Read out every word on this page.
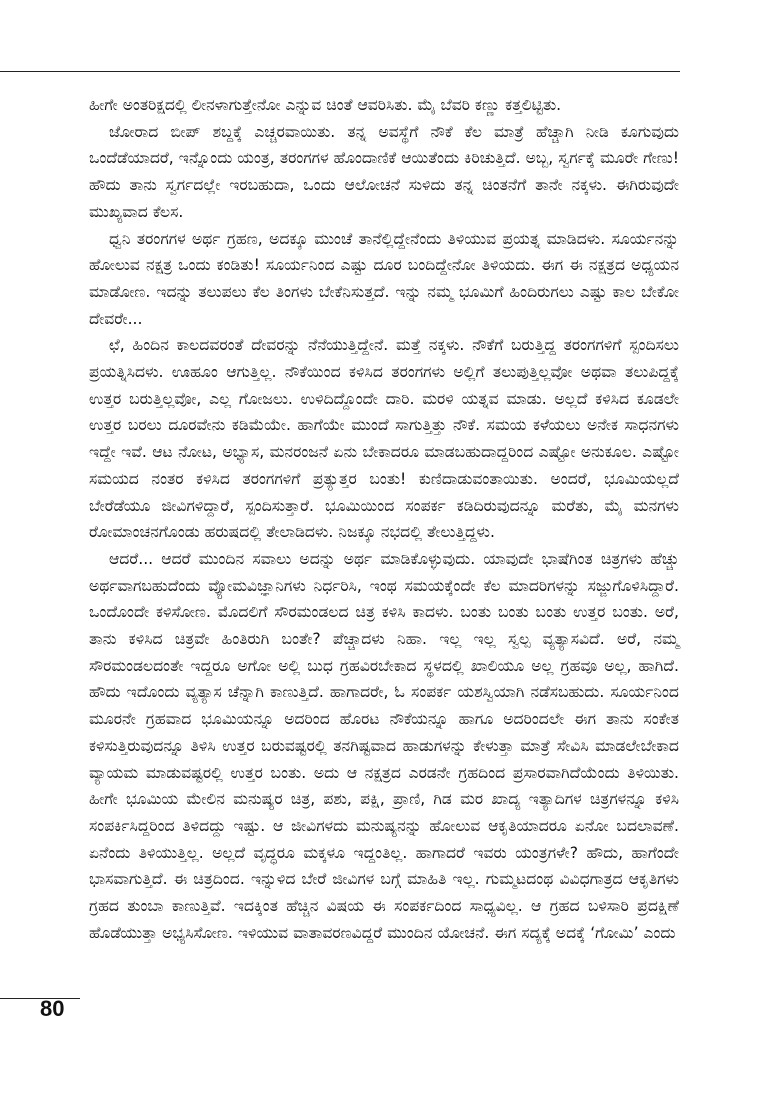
ಹೀಗೇ ಅಂತರಿಕ್ಷದಲ್ಲಿ ಲೀನಳಾಗುತ್ತೇನೋ ಎನ್ನುವ ಚಿಂತೆ ಆವರಿಸಿತು. ಮೈ ಬೆವರಿ ಕಣ್ಣು ಕತ್ತಲಿಟ್ಟಿತು.

ಜೋರಾದ ಬೀಪ್ ಶಬ್ದಕ್ಕೆ ಎಚ್ಚರವಾಯಿತು. ತನ್ನ ಅವಸ್ಥೆಗೆ ನೌಕೆ ಕೆಲ ಮಾತ್ರೆ ಹೆಚ್ಚಾಗಿ ನೀಡಿ ಕೂಗುವುದು ಒಂದೆಡೆಯಾದರೆ, ಇನ್ನೊಂದು ಯಂತ್ರ, ತರಂಗಗಳ ಹೊಂದಾಣಿಕೆ ಆಯಿತೆಂದು ಕಿರಿಚುತ್ತಿದೆ. ಅಬ್ಬ, ಸ್ವರ್ಗಕ್ಕೆ ಮೂರೇ ಗೇಣು! ಹೌದು ತಾನು ಸ್ವರ್ಗದಲ್ಲೇ ಇರಬಹುದಾ, ಒಂದು ಆಲೋಚನೆ ಸುಳಿದು ತನ್ನ ಚಿಂತನೆಗೆ ತಾನೇ ನಕ್ಕಳು. ಈಗಿರುವುದೇ ಮುಖ್ಯವಾದ ಕೆಲಸ.

ಧ್ವನಿ ತರಂಗಗಳ ಅರ್ಥ ಗ್ರಹಣ, ಅದಕ್ಕೂ ಮುಂಚೆ ತಾನೆಲ್ಲಿದ್ದೇನೆಂದು ತಿಳಿಯುವ ಪ್ರಯತ್ನ ಮಾಡಿದಳು. ಸೂರ್ಯನನ್ನು ಹೋಲುವ ನಕ್ಷತ್ರ ಒಂದು ಕಂಡಿತು! ಸೂರ್ಯನಿಂದ ಎಷ್ಟು ದೂರ ಬಂದಿದ್ದೇನೋ ತಿಳಿಯದು. ಈಗ ಈ ನಕ್ಷತ್ರದ ಅಧ್ಯಯನ ಮಾಡೋಣ. ಇದನ್ನು ತಲುಪಲು ಕೆಲ ತಿಂಗಳು ಬೇಕೆನಿಸುತ್ತದೆ. ಇನ್ನು ನಮ್ಮ ಭೂಮಿಗೆ ಹಿಂದಿರುಗಲು ಎಷ್ಟು ಕಾಲ ಬೇಕೋ ದೇವರೇ...

ಛೆ, ಹಿಂದಿನ ಕಾಲದವರಂತೆ ದೇವರನ್ನು ನೆನೆಯುತ್ತಿದ್ದೇನೆ. ಮತ್ತೆ ನಕ್ಕಳು. ನೌಕೆಗೆ ಬರುತ್ತಿದ್ದ ತರಂಗಗಳಿಗೆ ಸ್ಪಂದಿಸಲು ಪ್ರಯತ್ನಿಸಿದಳು. ಊಹೂಂ ಆಗುತ್ತಿಲ್ಲ. ನೌಕೆಯಿಂದ ಕಳಿಸಿದ ತರಂಗಗಳು ಅಲ್ಲಿಗೆ ತಲುಪುತ್ತಿಲ್ಲವೋ ಅಥವಾ ತಲುಪಿದ್ದಕ್ಕೆ ಉತ್ತರ ಬರುತ್ತಿಲ್ಲವೋ, ಎಲ್ಲ ಗೋಜಲು. ಉಳಿದಿದ್ದೊಂದೇ ದಾರಿ. ಮರಳಿ ಯತ್ನವ ಮಾಡು. ಅಲ್ಲದೆ ಕಳಿಸಿದ ಕೂಡಲೇ ಉತ್ತರ ಬರಲು ದೂರವೇನು ಕಡಿಮೆಯೇ. ಹಾಗೆಯೇ ಮುಂದೆ ಸಾಗುತ್ತಿತ್ತು ನೌಕೆ. ಸಮಯ ಕಳೆಯಲು ಅನೇಕ ಸಾಧನಗಳು ಇದ್ದೇ ಇವೆ. ಆಟ ನೋಟ, ಅಭ್ಯಾಸ, ಮನರಂಜನೆ ಏನು ಬೇಕಾದರೂ ಮಾಡಬಹುದಾದ್ದರಿಂದ ಎಷ್ಟೋ ಅನುಕೂಲ. ಎಷ್ಟೋ ಸಮಯದ ನಂತರ ಕಳಿಸಿದ ತರಂಗಗಳಿಗೆ ಪ್ರತ್ಯುತ್ತರ ಬಂತು! ಕುಣಿದಾಡುವಂತಾಯಿತು. ಅಂದರೆ, ಭೂಮಿಯಲ್ಲದೆ ಬೇರೆಡೆಯೂ ಜೀವಿಗಳಿದ್ದಾರೆ, ಸ್ಪಂದಿಸುತ್ತಾರೆ. ಭೂಮಿಯಿಂದ ಸಂಪರ್ಕ ಕಡಿದಿರುವುದನ್ನೂ ಮರೆತು, ಮೈ ಮನಗಳು ರೋಮಾಂಚನಗೊಂಡು ಹರುಷದಲ್ಲಿ ತೇಲಾಡಿದಳು. ನಿಜಕ್ಕೂ ನಭದಲ್ಲಿ ತೇಲುತ್ತಿದ್ದಳು.

ಆದರೆ... ಆದರೆ ಮುಂದಿನ ಸವಾಲು ಅದನ್ನು ಅರ್ಥ ಮಾಡಿಕೊಳ್ಳುವುದು. ಯಾವುದೇ ಭಾಷೆಗಿಂತ ಚಿತ್ರಗಳು ಹೆಚ್ಚು ಅರ್ಥವಾಗಬಹುದೆಂದು ವ್ಯೋಮವಿಜ್ಞಾನಿಗಳು ನಿರ್ಧರಿಸಿ, ಇಂಥ ಸಮಯಕ್ಕೆಂದೇ ಕೆಲ ಮಾದರಿಗಳನ್ನು ಸಜ್ಜುಗೊಳಿಸಿದ್ದಾರೆ. ಒಂದೊಂದೇ ಕಳಿಸೋಣ. ಮೊದಲಿಗೆ ಸೌರಮಂಡಲದ ಚಿತ್ರ ಕಳಿಸಿ ಕಾದಳು. ಬಂತು ಬಂತು ಬಂತು ಉತ್ತರ ಬಂತು. ಅರೆ, ತಾನು ಕಳಿಸಿದ ಚಿತ್ರವೇ ಹಿಂತಿರುಗಿ ಬಂತೇ? ಪೆಚ್ಚಾದಳು ನಿಹಾ. ಇಲ್ಲ ಇಲ್ಲ ಸ್ವಲ್ಪ ವ್ಯತ್ಯಾಸವಿದೆ. ಅರೆ, ನಮ್ಮ ಸೌರಮಂಡಲದಂತೇ ಇದ್ದರೂ ಅಗೋ ಅಲ್ಲಿ ಬುಧ ಗ್ರಹವಿರಬೇಕಾದ ಸ್ಥಳದಲ್ಲಿ ಖಾಲಿಯೂ ಅಲ್ಲ ಗ್ರಹವೂ ಅಲ್ಲ, ಹಾಗಿದೆ. ಹೌದು ಇದೊಂದು ವ್ಯತ್ಯಾಸ ಚೆನ್ನಾಗಿ ಕಾಣುತ್ತಿದೆ. ಹಾಗಾದರೇ, ಓ ಸಂಪರ್ಕ ಯಶಸ್ವಿಯಾಗಿ ನಡೆಸಬಹುದು. ಸೂರ್ಯನಿಂದ ಮೂರನೇ ಗ್ರಹವಾದ ಭೂಮಿಯನ್ನೂ ಅದರಿಂದ ಹೊರಟ ನೌಕೆಯನ್ನೂ ಹಾಗೂ ಅದರಿಂದಲೇ ಈಗ ತಾನು ಸಂಕೇತ ಕಳಿಸುತ್ತಿರುವುದನ್ನೂ ತಿಳಿಸಿ ಉತ್ತರ ಬರುವಷ್ಟರಲ್ಲಿ ತನಗಿಷ್ಟವಾದ ಹಾಡುಗಳನ್ನು ಕೇಳುತ್ತಾ ಮಾತ್ರೆ ಸೇವಿಸಿ ಮಾಡಲೇಬೇಕಾದ ವ್ಯಾಯಮ ಮಾಡುವಷ್ಟರಲ್ಲಿ ಉತ್ತರ ಬಂತು. ಅದು ಆ ನಕ್ಷತ್ರದ ಎರಡನೇ ಗ್ರಹದಿಂದ ಪ್ರಸಾರವಾಗಿದೆಯೆಂದು ತಿಳಿಯಿತು. ಹೀಗೇ ಭೂಮಿಯ ಮೇಲಿನ ಮನುಷ್ಯರ ಚಿತ್ರ, ಪಶು, ಪಕ್ಷಿ, ಪ್ರಾಣಿ, ಗಿಡ ಮರ ಖಾದ್ಯ ಇತ್ಯಾದಿಗಳ ಚಿತ್ರಗಳನ್ನೂ ಕಳಿಸಿ ಸಂಪರ್ಕಿಸಿದ್ದರಿಂದ ತಿಳಿದದ್ದು ಇಷ್ಟು. ಆ ಜೀವಿಗಳದು ಮನುಷ್ಯನನ್ನು ಹೋಲುವ ಆಕೃತಿಯಾದರೂ ಏನೋ ಬದಲಾವಣೆ. ಏನೆಂದು ತಿಳಿಯುತ್ತಿಲ್ಲ. ಅಲ್ಲದೆ ವೃದ್ಧರೂ ಮಕ್ಕಳೂ ಇದ್ದಂತಿಲ್ಲ. ಹಾಗಾದರೆ ಇವರು ಯಂತ್ರಗಳೇ? ಹೌದು, ಹಾಗೆಂದೇ ಭಾಸವಾಗುತ್ತಿದೆ. ಈ ಚಿತ್ರದಿಂದ. ಇನ್ನುಳಿದ ಬೇರೆ ಜೀವಿಗಳ ಬಗ್ಗೆ ಮಾಹಿತಿ ಇಲ್ಲ. ಗುಮ್ಮಟದಂಥ ವಿವಿಧಗಾತ್ರದ ಆಕೃತಿಗಳು ಗ್ರಹದ ತುಂಬಾ ಕಾಣುತ್ತಿವೆ. ಇದಕ್ಕಿಂತ ಹೆಚ್ಚಿನ ವಿಷಯ ಈ ಸಂಪರ್ಕದಿಂದ ಸಾಧ್ಯವಿಲ್ಲ. ಆ ಗ್ರಹದ ಬಳಿಸಾರಿ ಪ್ರದಕ್ಷಿಣೆ ಹೊಡೆಯುತ್ತಾ ಅಭ್ಯಸಿಸೋಣ. ಇಳಿಯುವ ವಾತಾವರಣವಿದ್ದರೆ ಮುಂದಿನ ಯೋಚನೆ. ಈಗ ಸದ್ಯಕ್ಕೆ ಅದಕ್ಕೆ ‘ಗೋಮಿ’ ಎಂದು

80
